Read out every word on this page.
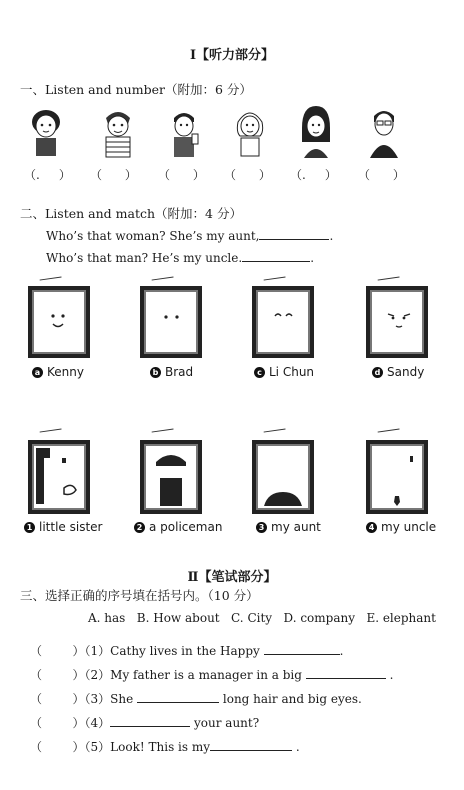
Ⅰ【听力部分】
一、Listen and number（附加：6 分）
（.     ） （      ） （      ） （      ） （.     ） （      ）
二、Listen and match（附加：4 分）
Who’s that woman? She’s my aunt,	.
Who’s that man? He’s my uncle.	.
a Kenny	b Brad	c Li Chun	d Sandy
1 little sister	2 a policeman	3 my aunt	4 my uncle
Ⅱ【笔试部分】
三、选择正确的序号填在括号内。（10 分）
A. has   B. How about   C. City   D. company   E. elephant
（        ）（1）Cathy lives in the Happy	.
（        ）（2）My father is a manager in a big	.
（        ）（3）She	long hair and big eyes.
（        ）（4）	your aunt?
（        ）（5）Look! This is my	.
